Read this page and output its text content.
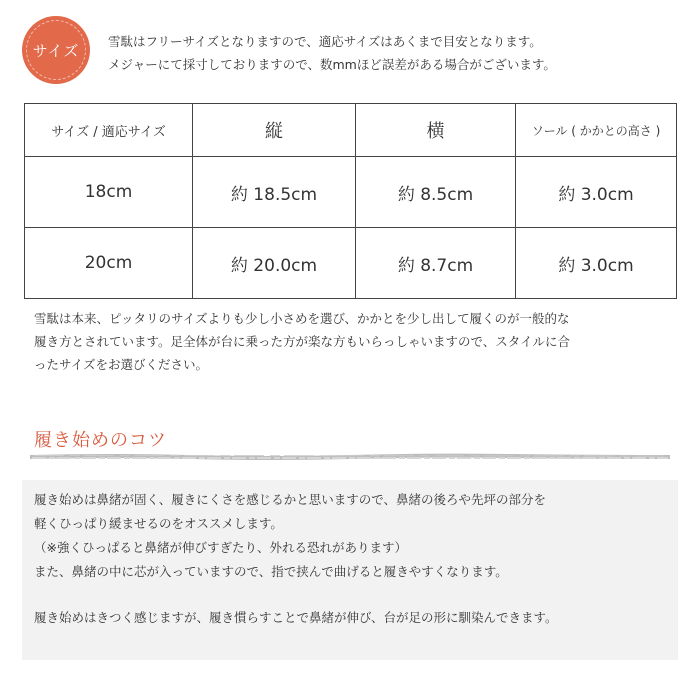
サイズ	雪駄はフリーサイズとなりますので、適応サイズはあくまで目安となります。
メジャーにて採寸しておりますので、数mmほど誤差がある場合がございます。
サイズ / 適応サイズ	縦	横	ソール ( かかとの高さ )
18cm	約 18.5cm	約 8.5cm	約 3.0cm
20cm	約 20.0cm	約 8.7cm	約 3.0cm
雪駄は本来、ピッタリのサイズよりも少し小さめを選び、かかとを少し出して履くのが一般的な
履き方とされています。足全体が台に乗った方が楽な方もいらっしゃいますので、スタイルに合
ったサイズをお選びください。
履き始めのコツ
履き始めは鼻緒が固く、履きにくさを感じるかと思いますので、鼻緒の後ろや先坪の部分を
軽くひっぱり緩ませるのをオススメします。
（※強くひっぱると鼻緒が伸びすぎたり、外れる恐れがあります）
また、鼻緒の中に芯が入っていますので、指で挟んで曲げると履きやすくなります。
履き始めはきつく感じますが、履き慣らすことで鼻緒が伸び、台が足の形に馴染んできます。
